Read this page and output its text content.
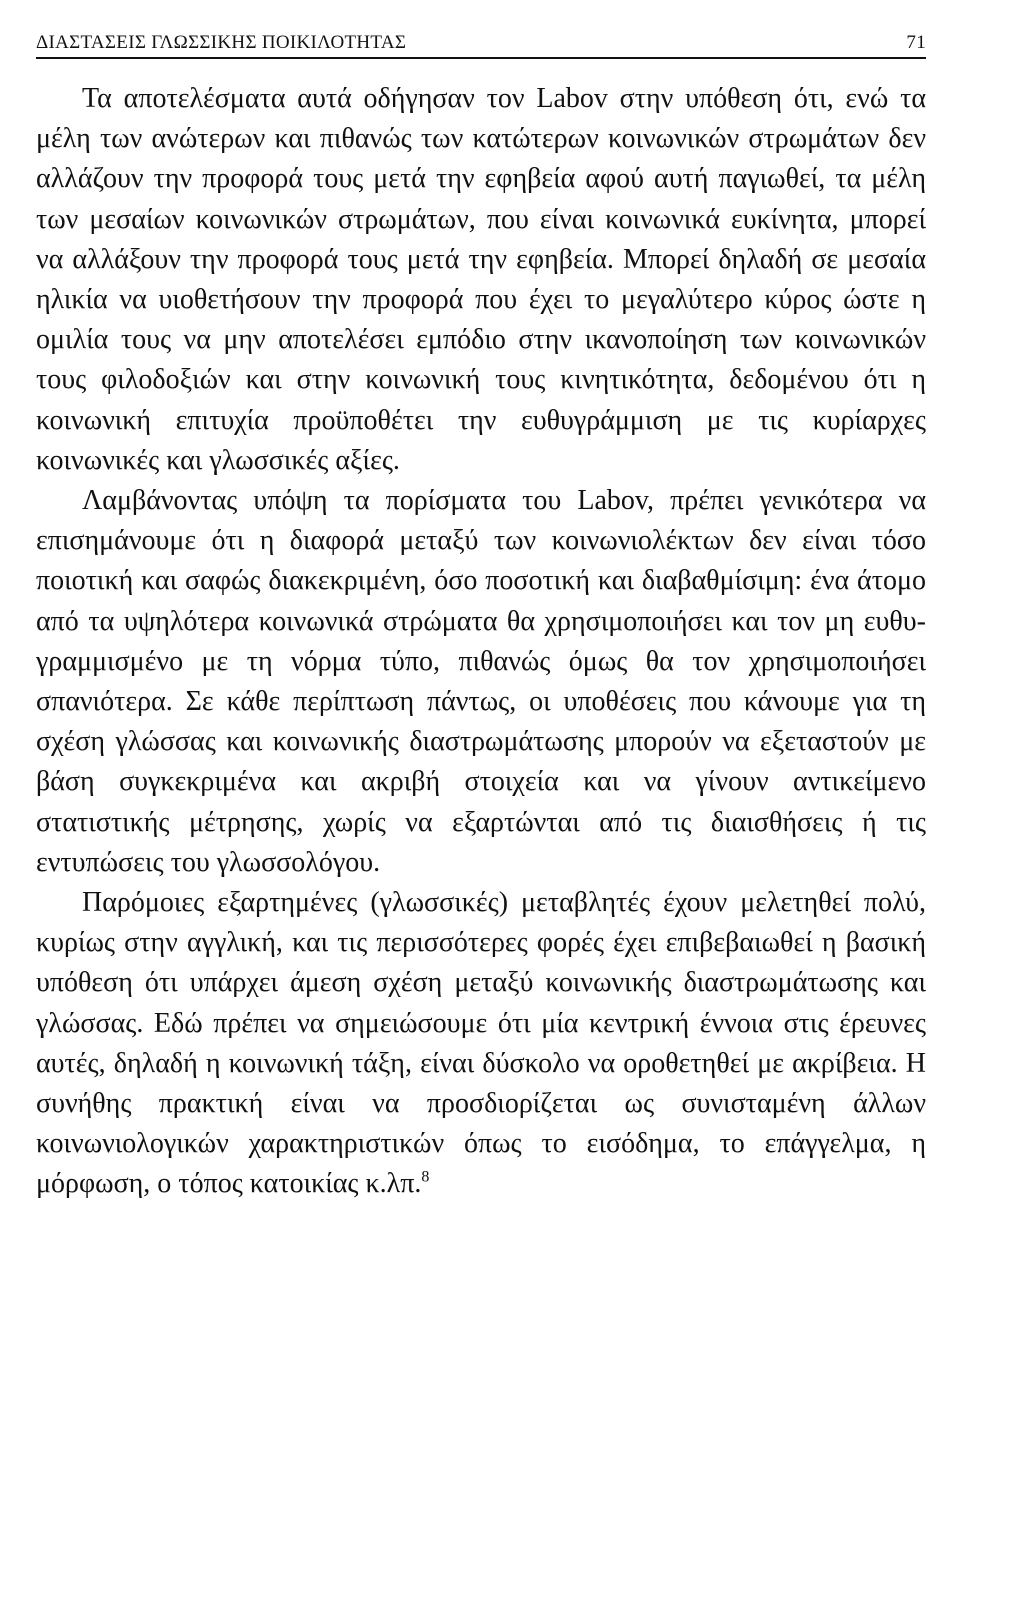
ΔΙΑΣΤΑΣΕΙΣ ΓΛΩΣΣΙΚΗΣ ΠΟΙΚΙΛΟΤΗΤΑΣ	71

Τα αποτελέσματα αυτά οδήγησαν τον Labov στην υπόθεση ότι, ενώ τα μέλη των ανώτερων και πιθανώς των κατώτερων κοινωνικών στρωμάτων δεν αλλάζουν την προφορά τους μετά την εφηβεία αφού αυτή παγιωθεί, τα μέλη των μεσαίων κοινωνικών στρωμάτων, που είναι κοινωνικά ευκίνητα, μπορεί να αλλάξουν την προφορά τους μετά την εφηβεία. Μπορεί δηλαδή σε μεσαία ηλικία να υιοθετήσουν την προφορά που έχει το μεγαλύτερο κύρος ώστε η ομιλία τους να μην αποτελέσει εμπόδιο στην ικανοποίηση των κοινωνικών τους φιλοδοξιών και στην κοινωνική τους κινητικότητα, δεδομένου ότι η κοινωνική επιτυχία προϋποθέτει την ευθυγράμμιση με τις κυρίαρχες κοινωνικές και γλωσσικές αξίες.

Λαμβάνοντας υπόψη τα πορίσματα του Labov, πρέπει γενικότερα να επισημάνουμε ότι η διαφορά μεταξύ των κοινωνιολέκτων δεν είναι τόσο ποιοτική και σαφώς διακεκριμένη, όσο ποσοτική και διαβαθμίσιμη: ένα άτομο από τα υψηλότερα κοινωνικά στρώματα θα χρησιμοποιήσει και τον μη ευθυγραμμισμένο με τη νόρμα τύπο, πιθανώς όμως θα τον χρησιμοποιήσει σπανιότερα. Σε κάθε περίπτωση πάντως, οι υποθέσεις που κάνουμε για τη σχέση γλώσσας και κοινωνικής διαστρωμάτωσης μπορούν να εξεταστούν με βάση συγκεκριμένα και ακριβή στοιχεία και να γίνουν αντικείμενο στατιστικής μέτρησης, χωρίς να εξαρτώνται από τις διαισθήσεις ή τις εντυπώσεις του γλωσσολόγου.

Παρόμοιες εξαρτημένες (γλωσσικές) μεταβλητές έχουν μελετηθεί πολύ, κυρίως στην αγγλική, και τις περισσότερες φορές έχει επιβεβαιωθεί η βασική υπόθεση ότι υπάρχει άμεση σχέση μεταξύ κοινωνικής διαστρωμάτωσης και γλώσσας. Εδώ πρέπει να σημειώσουμε ότι μία κεντρική έννοια στις έρευνες αυτές, δηλαδή η κοινωνική τάξη, είναι δύσκολο να οροθετηθεί με ακρίβεια. Η συνήθης πρακτική είναι να προσδιορίζεται ως συνισταμένη άλλων κοινωνιολογικών χαρακτηριστικών όπως το εισόδημα, το επάγγελμα, η μόρφωση, ο τόπος κατοικίας κ.λπ.$^8$
